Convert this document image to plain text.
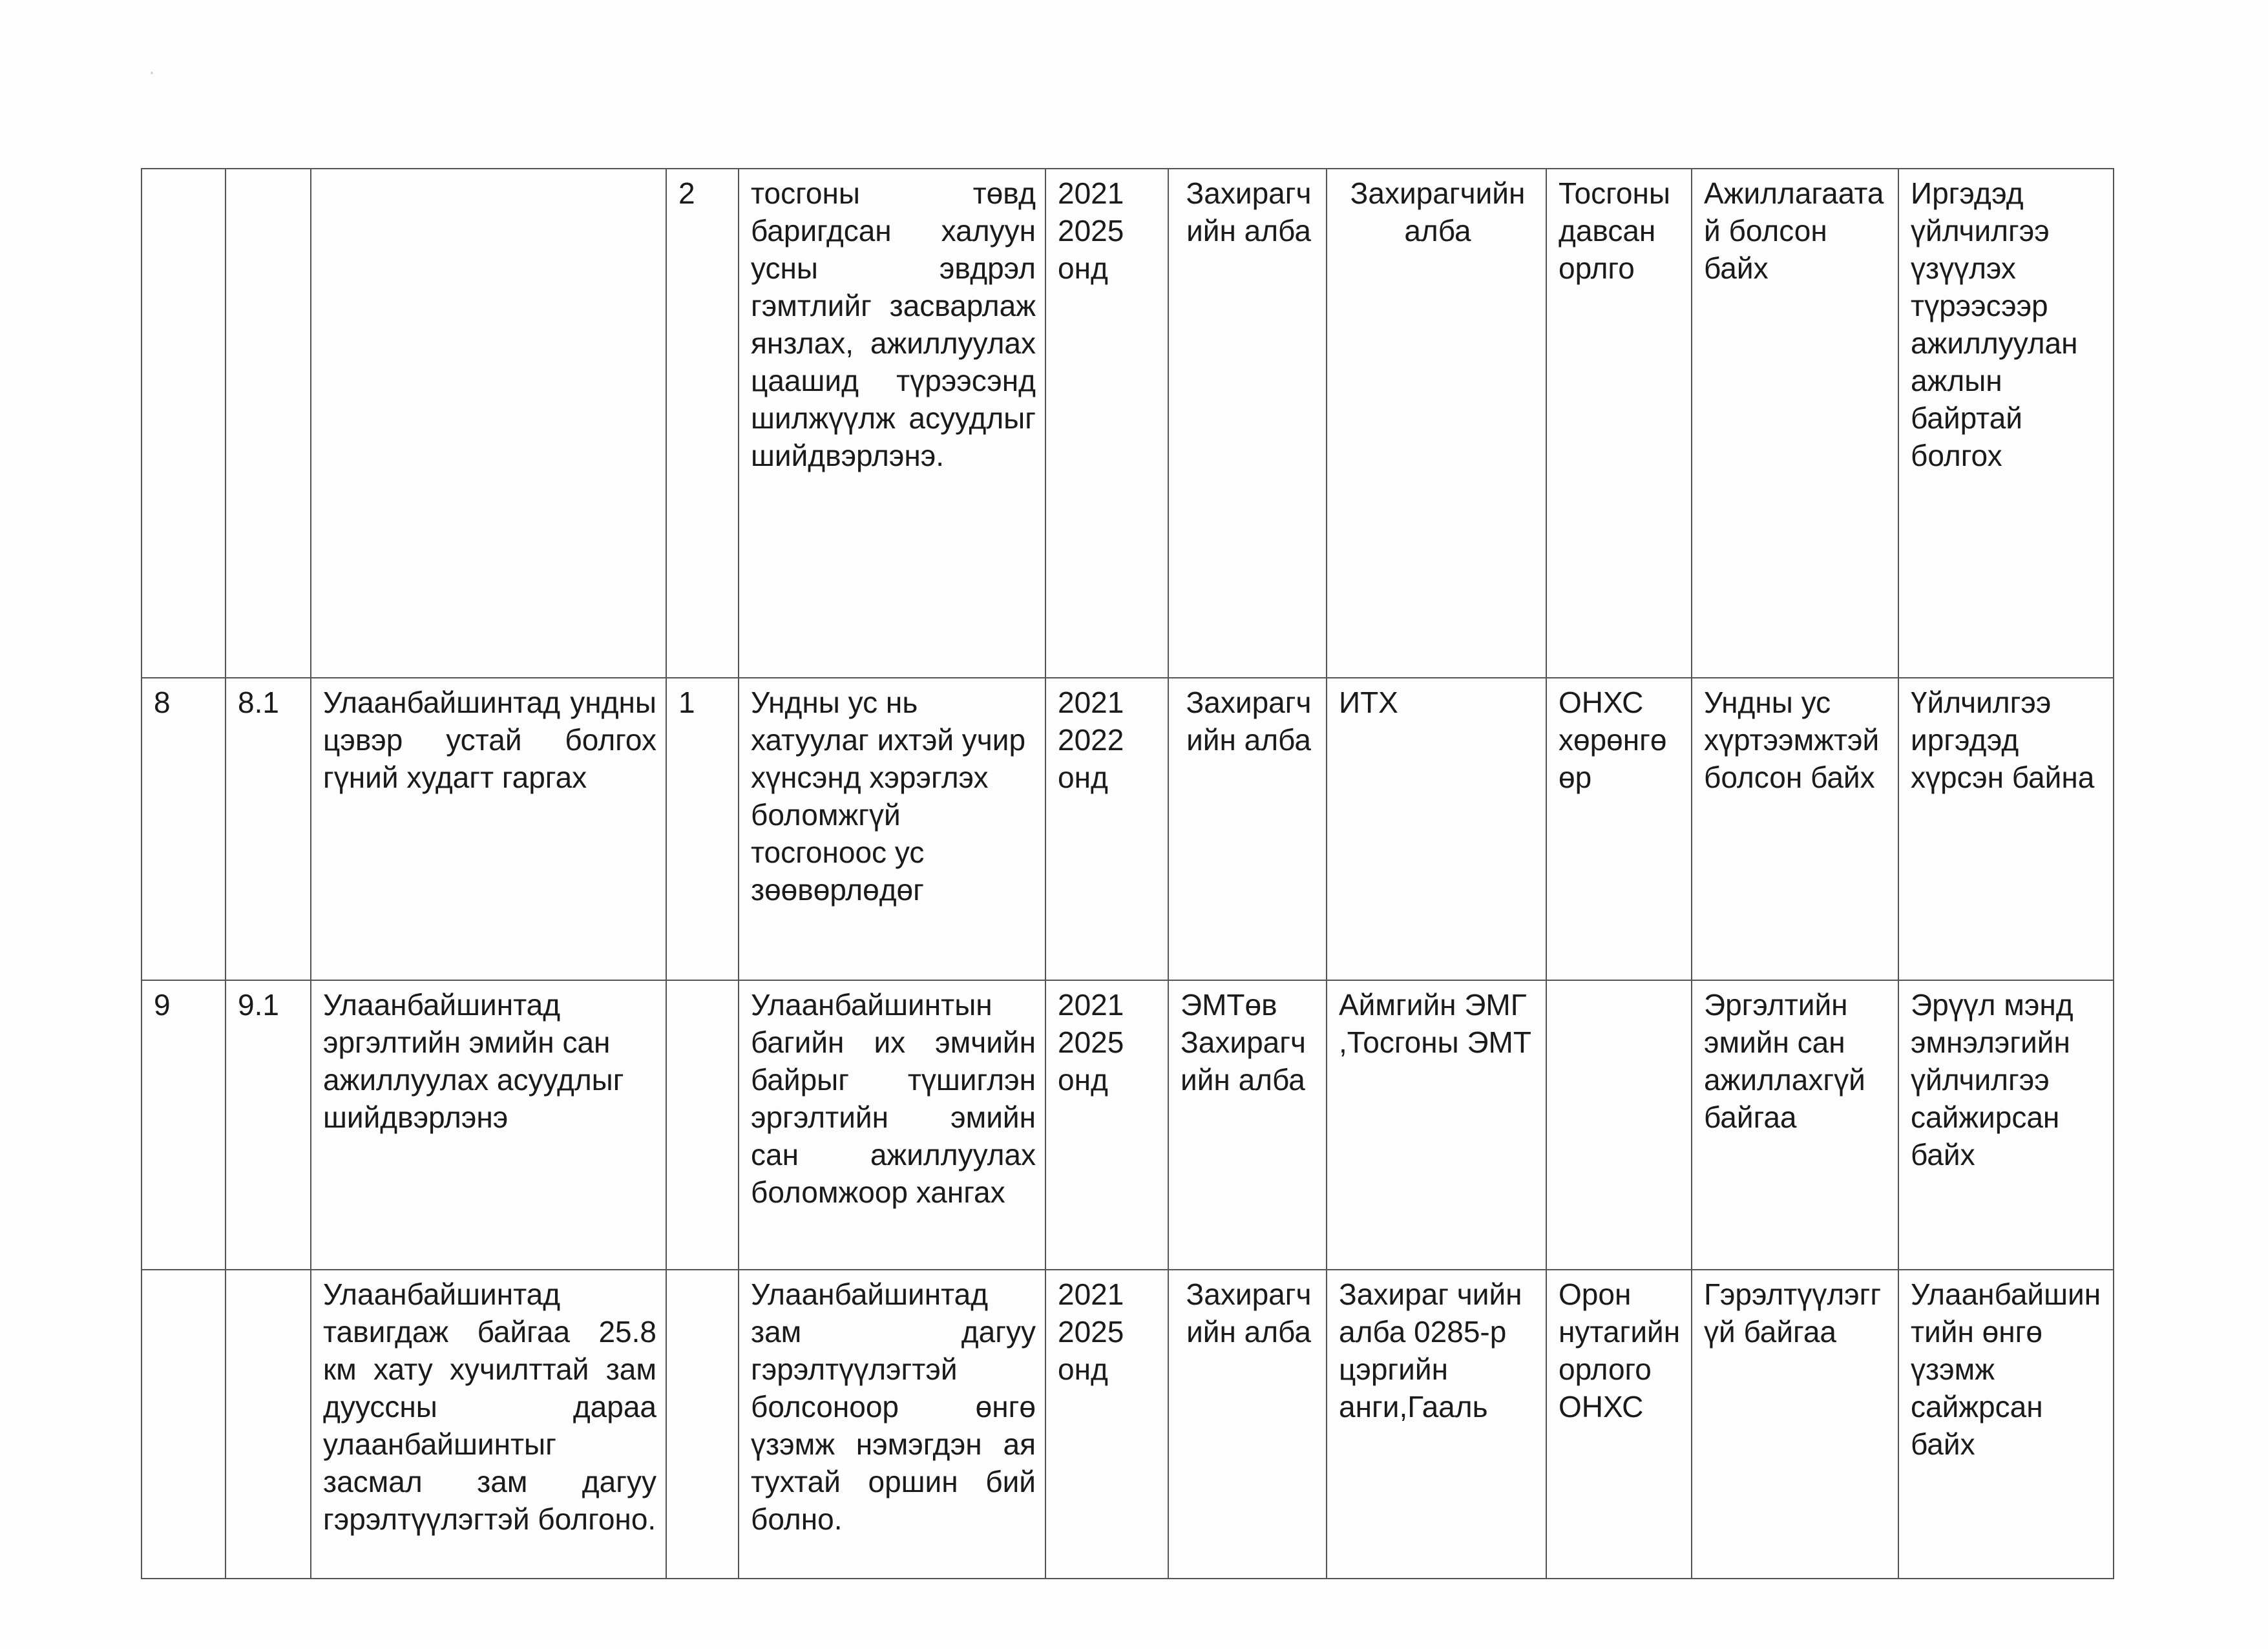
·
			2	тосгоны төвд баригдсан халуун усны эвдрэл гэмтлийг засварлаж янзлах, ажиллуулах цаашид түрээсэнд шилжүүлж асуудлыг шийдвэрлэнэ.	2021 2025 онд	Захирагчийн алба	Захирагчийн алба	Тосгоны давсан орлго	Ажиллагаатай болсон байх	Иргэдэд үйлчилгээ үзүүлэх түрээсээр ажиллуулан ажлын байртай болгох
8	8.1	Улаанбайшинтад ундны цэвэр устай болгох гүний худагт гаргах	1	Ундны ус нь хатуулаг ихтэй учир хүнсэнд хэрэглэх боломжгүй тосгоноос ус зөөвөрлөдөг	2021 2022 онд	Захирагчийн алба	ИТХ	ОНХС хөрөнгөөр	Ундны ус хүртээмжтэй болсон байх	Үйлчилгээ иргэдэд хүрсэн байна
9	9.1	Улаанбайшинтад эргэлтийн эмийн сан ажиллуулах асуудлыг шийдвэрлэнэ		Улаанбайшинтын багийн их эмчийн байрыг түшиглэн эргэлтийн эмийн сан ажиллуулах боломжоор хангах	2021 2025 онд	ЭМТөв Захирагчийн алба	Аймгийн ЭМГ ,Тосгоны ЭМТ		Эргэлтийн эмийн сан ажиллахгүй байгаа	Эрүүл мэнд эмнэлэгийн үйлчилгээ сайжирсан байх
		Улаанбайшинтад тавигдаж байгаа 25.8 км хату хучилттай зам дууссны дараа улаанбайшинтыг засмал зам дагуу гэрэлтүүлэгтэй болгоно.		Улаанбайшинтад зам дагуу гэрэлтүүлэгтэй болсоноор өнгө үзэмж нэмэгдэн ая тухтай оршин бий болно.	2021 2025 онд	Захирагчийн алба	Захираг чийн алба 0285-р цэргийн анги,Гааль	Орон нутагийн орлого ОНХС	Гэрэлтүүлэггүй байгаа	Улаанбайшинтийн өнгө үзэмж сайжрсан байх
